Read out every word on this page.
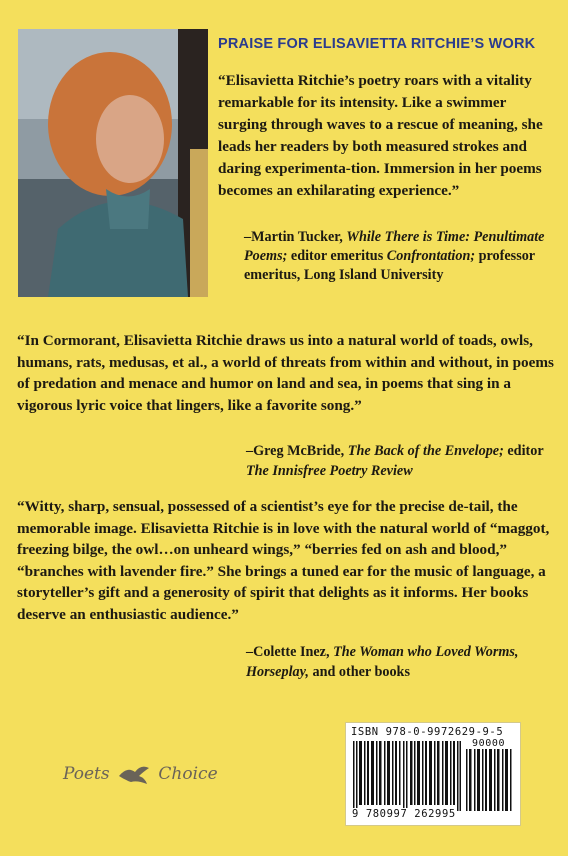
PRAISE FOR ELISAVIETTA RITCHIE’S WORK
“Elisavietta Ritchie’s poetry roars with a vitality remarkable for its intensity. Like a swimmer surging through waves to a rescue of meaning, she leads her readers by both measured strokes and daring experimenta-tion. Immersion in her poems becomes an exhilarating experience.”
–Martin Tucker, While There is Time: Penultimate Poems; editor emeritus Confrontation; professor emeritus, Long Island University
“In Cormorant, Elisavietta Ritchie draws us into a natural world of toads, owls, humans, rats, medusas, et al., a world of threats from within and without, in poems of predation and menace and humor on land and sea, in poems that sing in a vigorous lyric voice that lingers, like a favorite song.”
–Greg McBride, The Back of the Envelope; editor The Innisfree Poetry Review
“Witty, sharp, sensual, possessed of a scientist’s eye for the precise de-tail, the memorable image. Elisavietta Ritchie is in love with the natural world of “maggot, freezing bilge, the owl…on unheard wings,” “berries fed on ash and blood,” “branches with lavender fire.” She brings a tuned ear for the music of language, a storyteller’s gift and a generosity of spirit that delights as it informs. Her books deserve an enthusiastic audience.”
–Colette Inez, The Woman who Loved Worms, Horseplay, and other books
Poets	Choice
ISBN 978-0-9972629-9-5
90000
9 780997 262995
